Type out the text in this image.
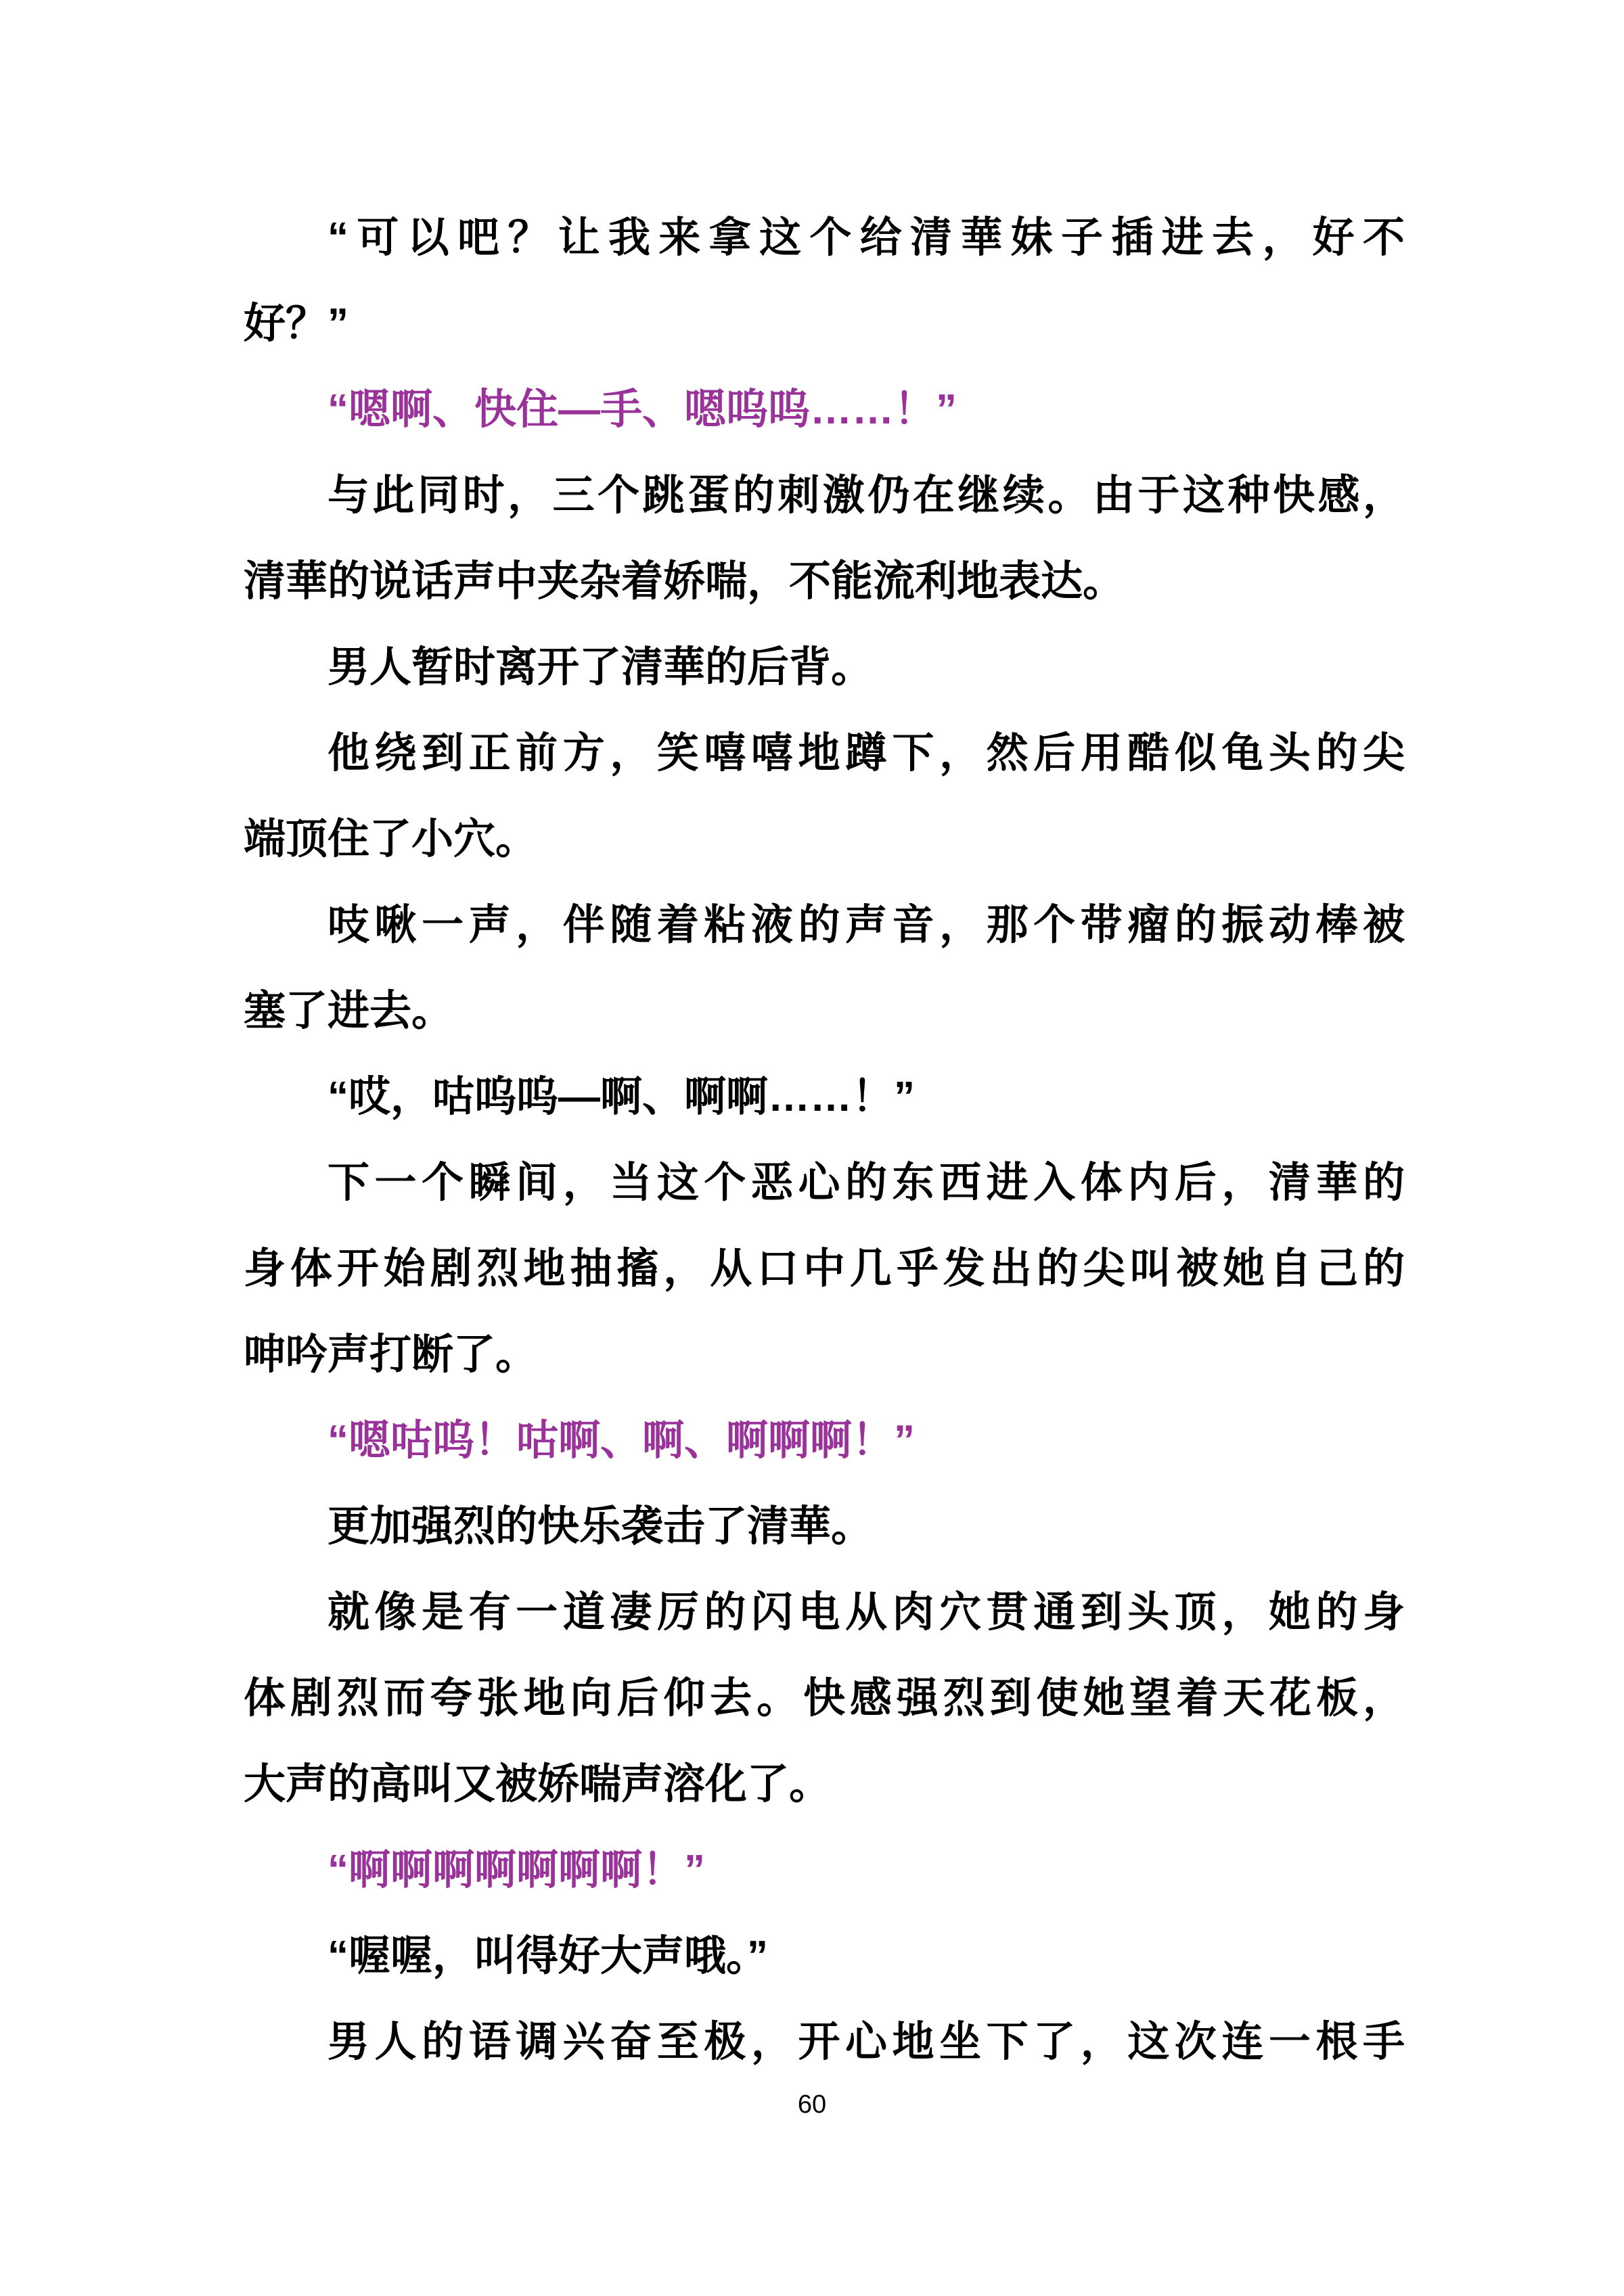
“可以吧？让我来拿这个给清華妹子插进去，好不

好？”

“嗯啊、快住—手、嗯呜呜……！”

与此同时，三个跳蛋的刺激仍在继续。由于这种快感，

清華的说话声中夹杂着娇喘，不能流利地表达。

男人暂时离开了清華的后背。

他绕到正前方，笑嘻嘻地蹲下，然后用酷似龟头的尖

端顶住了小穴。

吱啾一声，伴随着粘液的声音，那个带瘤的振动棒被

塞了进去。

“哎，咕呜呜—啊、啊啊……！”

下一个瞬间，当这个恶心的东西进入体内后，清華的

身体开始剧烈地抽搐，从口中几乎发出的尖叫被她自己的

呻吟声打断了。

“嗯咕呜！咕啊、啊、啊啊啊！”

更加强烈的快乐袭击了清華。

就像是有一道凄厉的闪电从肉穴贯通到头顶，她的身

体剧烈而夸张地向后仰去。快感强烈到使她望着天花板，

大声的高叫又被娇喘声溶化了。

“啊啊啊啊啊啊啊！”

“喔喔，叫得好大声哦。”

男人的语调兴奋至极，开心地坐下了，这次连一根手

60
